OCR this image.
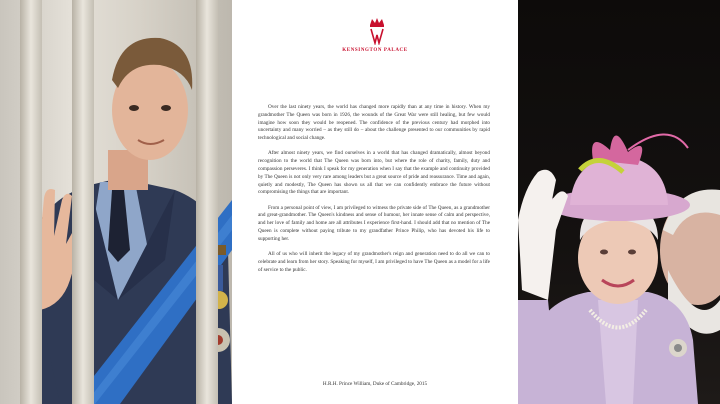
KENSINGTON PALACE

Over the last ninety years, the world has changed more rapidly than at any time in history. When my grandmother The Queen was born in 1926, the wounds of the Great War were still healing, but few would imagine how soon they would be reopened. The confidence of the previous century had morphed into uncertainty and many worried – as they still do – about the challenge presented to our communities by rapid technological and social change.

After almost ninety years, we find ourselves in a world that has changed dramatically, almost beyond recognition to the world that The Queen was born into, but where the role of charity, family, duty and compassion perseveres. I think I speak for my generation when I say that the example and continuity provided by The Queen is not only very rare among leaders but a great source of pride and reassurance. Time and again, quietly and modestly, The Queen has shown us all that we can confidently embrace the future without compromising the things that are important.

From a personal point of view, I am privileged to witness the private side of The Queen, as a grandmother and great-grandmother. The Queen's kindness and sense of humour, her innate sense of calm and perspective, and her love of family and home are all attributes I experience first-hand. I should add that no mention of The Queen is complete without paying tribute to my grandfather Prince Philip, who has devoted his life to supporting her.

All of us who will inherit the legacy of my grandmother's reign and generation need to do all we can to celebrate and learn from her story. Speaking for myself, I am privileged to have The Queen as a model for a life of service to the public.

H.R.H. Prince William, Duke of Cambridge, 2015
